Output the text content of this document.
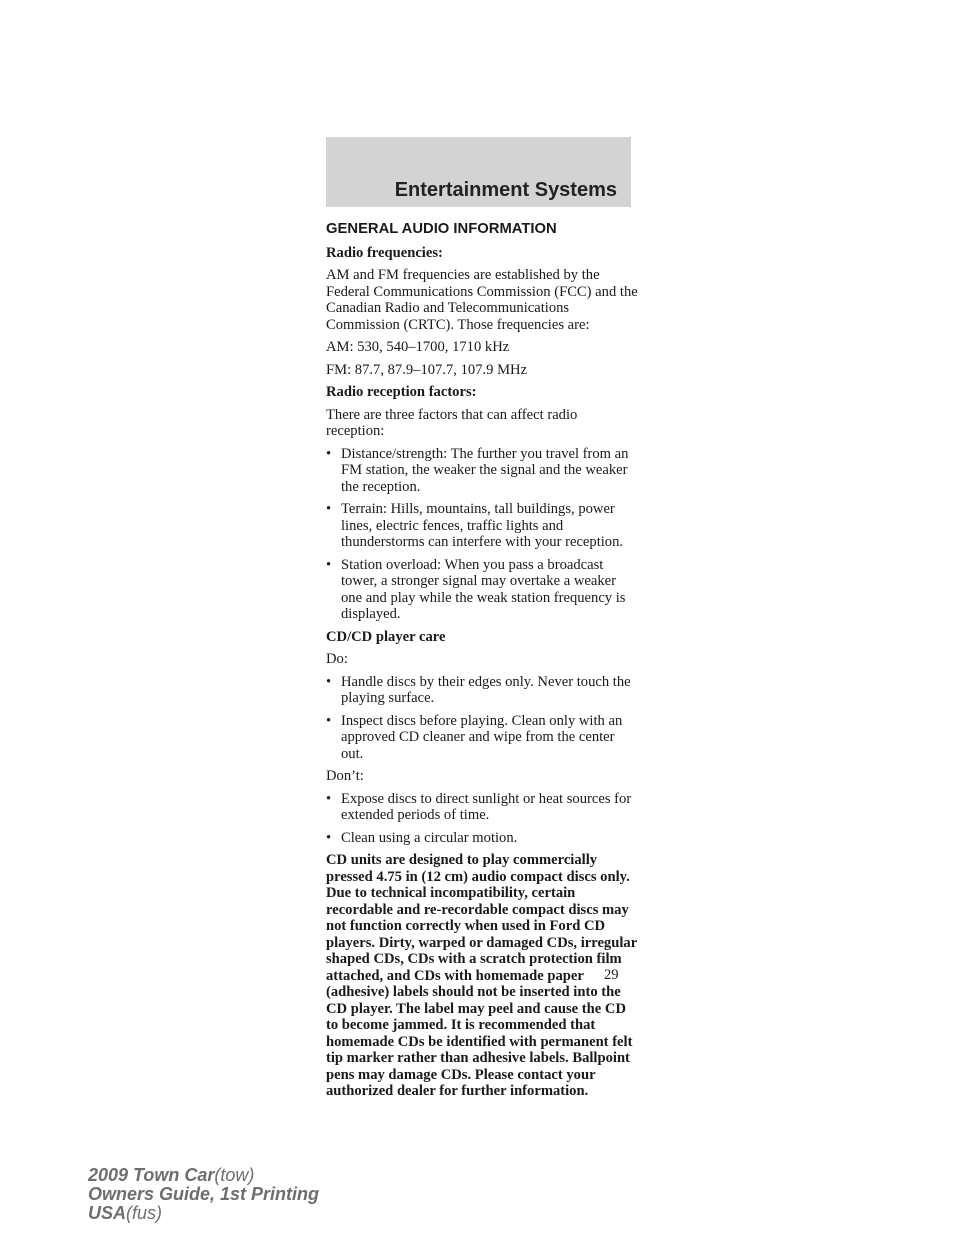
Entertainment Systems
GENERAL AUDIO INFORMATION
Radio frequencies:
AM and FM frequencies are established by the Federal Communications Commission (FCC) and the Canadian Radio and Telecommunications Commission (CRTC). Those frequencies are:
AM: 530, 540–1700, 1710 kHz
FM: 87.7, 87.9–107.7, 107.9 MHz
Radio reception factors:
There are three factors that can affect radio reception:
• Distance/strength: The further you travel from an FM station, the weaker the signal and the weaker the reception.
• Terrain: Hills, mountains, tall buildings, power lines, electric fences, traffic lights and thunderstorms can interfere with your reception.
• Station overload: When you pass a broadcast tower, a stronger signal may overtake a weaker one and play while the weak station frequency is displayed.
CD/CD player care
Do:
• Handle discs by their edges only. Never touch the playing surface.
• Inspect discs before playing. Clean only with an approved CD cleaner and wipe from the center out.
Don’t:
• Expose discs to direct sunlight or heat sources for extended periods of time.
• Clean using a circular motion.
CD units are designed to play commercially pressed 4.75 in (12 cm) audio compact discs only. Due to technical incompatibility, certain recordable and re-recordable compact discs may not function correctly when used in Ford CD players. Dirty, warped or damaged CDs, irregular shaped CDs, CDs with a scratch protection film attached, and CDs with homemade paper (adhesive) labels should not be inserted into the CD player. The label may peel and cause the CD to become jammed. It is recommended that homemade CDs be identified with permanent felt tip marker rather than adhesive labels. Ballpoint pens may damage CDs. Please contact your authorized dealer for further information.
29
2009 Town Car(tow)
Owners Guide, 1st Printing
USA(fus)
